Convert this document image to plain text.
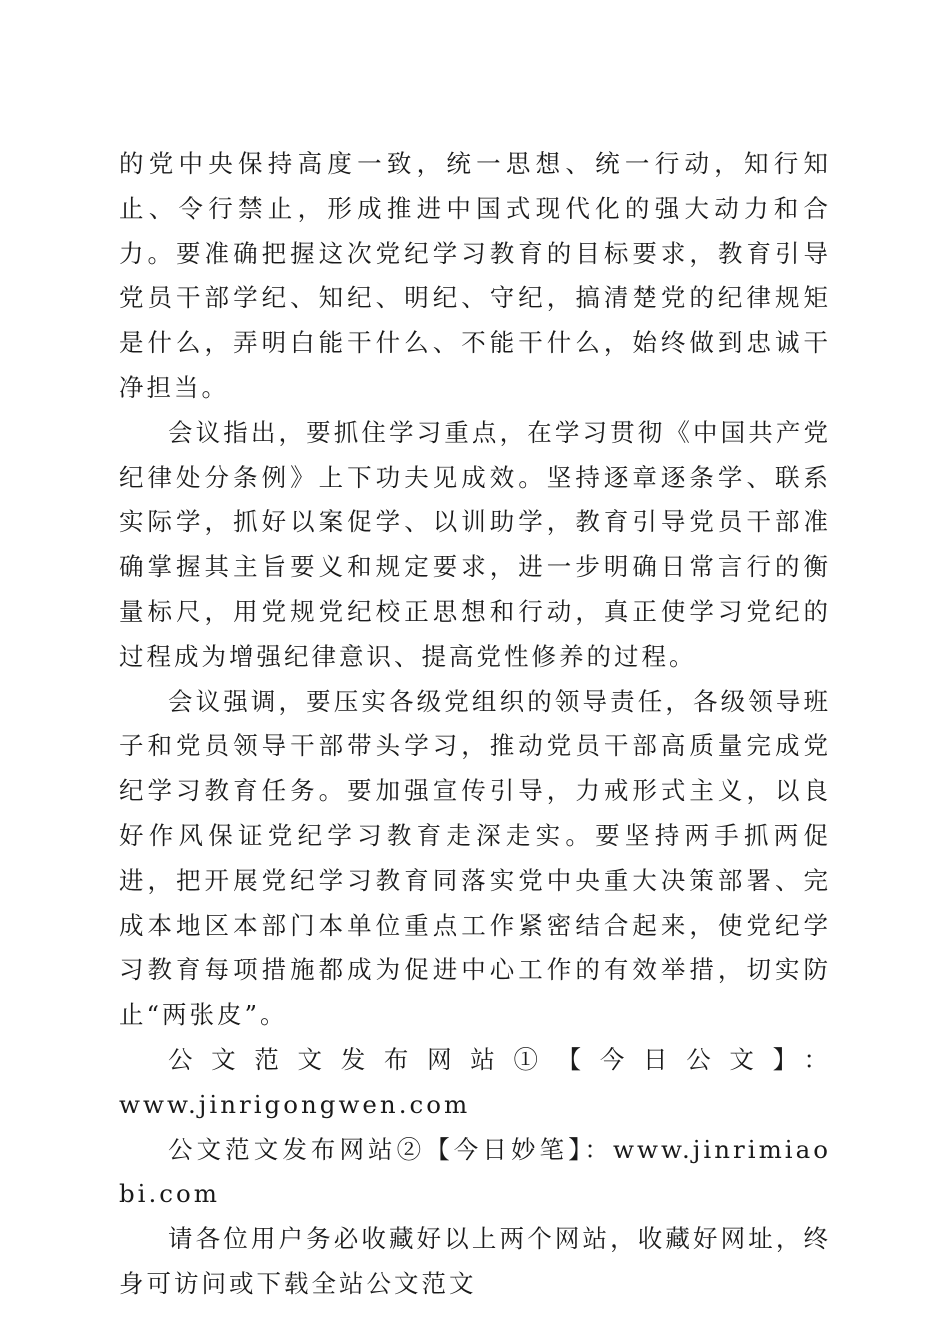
的党中央保持高度一致，统一思想、统一行动，知行知止、令行禁止，形成推进中国式现代化的强大动力和合力。要准确把握这次党纪学习教育的目标要求，教育引导党员干部学纪、知纪、明纪、守纪，搞清楚党的纪律规矩是什么，弄明白能干什么、不能干什么，始终做到忠诚干净担当。

会议指出，要抓住学习重点，在学习贯彻《中国共产党纪律处分条例》上下功夫见成效。坚持逐章逐条学、联系实际学，抓好以案促学、以训助学，教育引导党员干部准确掌握其主旨要义和规定要求，进一步明确日常言行的衡量标尺，用党规党纪校正思想和行动，真正使学习党纪的过程成为增强纪律意识、提高党性修养的过程。

会议强调，要压实各级党组织的领导责任，各级领导班子和党员领导干部带头学习，推动党员干部高质量完成党纪学习教育任务。要加强宣传引导，力戒形式主义，以良好作风保证党纪学习教育走深走实。要坚持两手抓两促进，把开展党纪学习教育同落实党中央重大决策部署、完成本地区本部门本单位重点工作紧密结合起来，使党纪学习教育每项措施都成为促进中心工作的有效举措，切实防止“两张皮”。

公文范文发布网站①【今日公文】：

www.jinrigongwen.com

公文范文发布网站②【今日妙笔】：www.jinrimiaobi.com

请各位用户务必收藏好以上两个网站，收藏好网址，终身可访问或下载全站公文范文
